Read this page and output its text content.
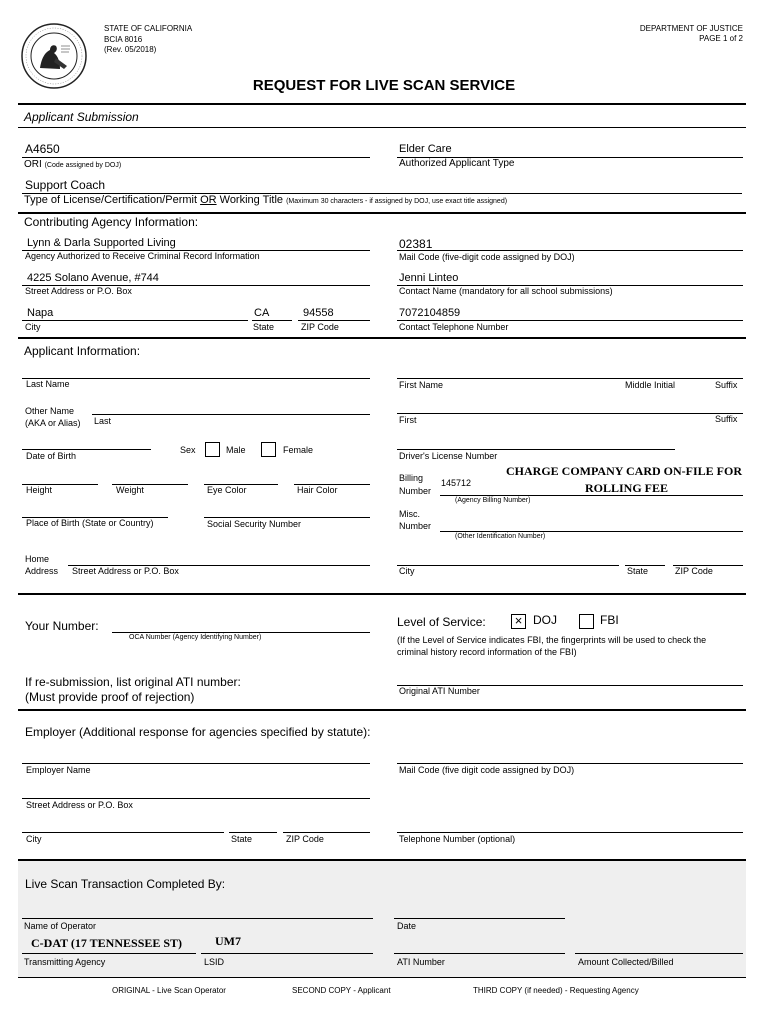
STATE OF CALIFORNIA
BCIA 8016
(Rev. 05/2018)
DEPARTMENT OF JUSTICE
PAGE 1 of 2
REQUEST FOR LIVE SCAN SERVICE
Applicant Submission
A4650
ORI (Code assigned by DOJ)
Elder Care
Authorized Applicant Type
Support Coach
Type of License/Certification/Permit OR Working Title (Maximum 30 characters - if assigned by DOJ, use exact title assigned)
Contributing Agency Information:
Lynn & Darla Supported Living
Agency Authorized to Receive Criminal Record Information
02381
Mail Code (five-digit code assigned by DOJ)
4225 Solano Avenue, #744
Street Address or P.O. Box
Jenni Linteo
Contact Name (mandatory for all school submissions)
Napa	CA	94558
City	State	ZIP Code
7072104859
Contact Telephone Number
Applicant Information:
Last Name	First Name	Middle Initial	Suffix
Other Name
(AKA or Alias) Last	First	Suffix
Date of Birth
Sex	Male	Female
Driver's License Number
Height	Weight	Eye Color	Hair Color
Billing
Number
145712
(Agency Billing Number)
CHARGE COMPANY CARD ON-FILE FOR
ROLLING FEE
Place of Birth (State or Country)	Social Security Number
Misc.
Number
(Other Identification Number)
Home
Address Street Address or P.O. Box	City	State	ZIP Code
Your Number:
OCA Number (Agency Identifying Number)
Level of Service: × DOJ	FBI
(If the Level of Service indicates FBI, the fingerprints will be used to check the
criminal history record information of the FBI)
If re-submission, list original ATI number:
(Must provide proof of rejection)	Original ATI Number
Employer (Additional response for agencies specified by statute):
Employer Name	Mail Code (five digit code assigned by DOJ)
Street Address or P.O. Box
City	State	ZIP Code	Telephone Number (optional)
Live Scan Transaction Completed By:
Name of Operator	Date
C-DAT (17 TENNESSEE ST)	UM7
Transmitting Agency	LSID	ATI Number	Amount Collected/Billed
ORIGINAL - Live Scan Operator	SECOND COPY - Applicant	THIRD COPY (if needed) - Requesting Agency
